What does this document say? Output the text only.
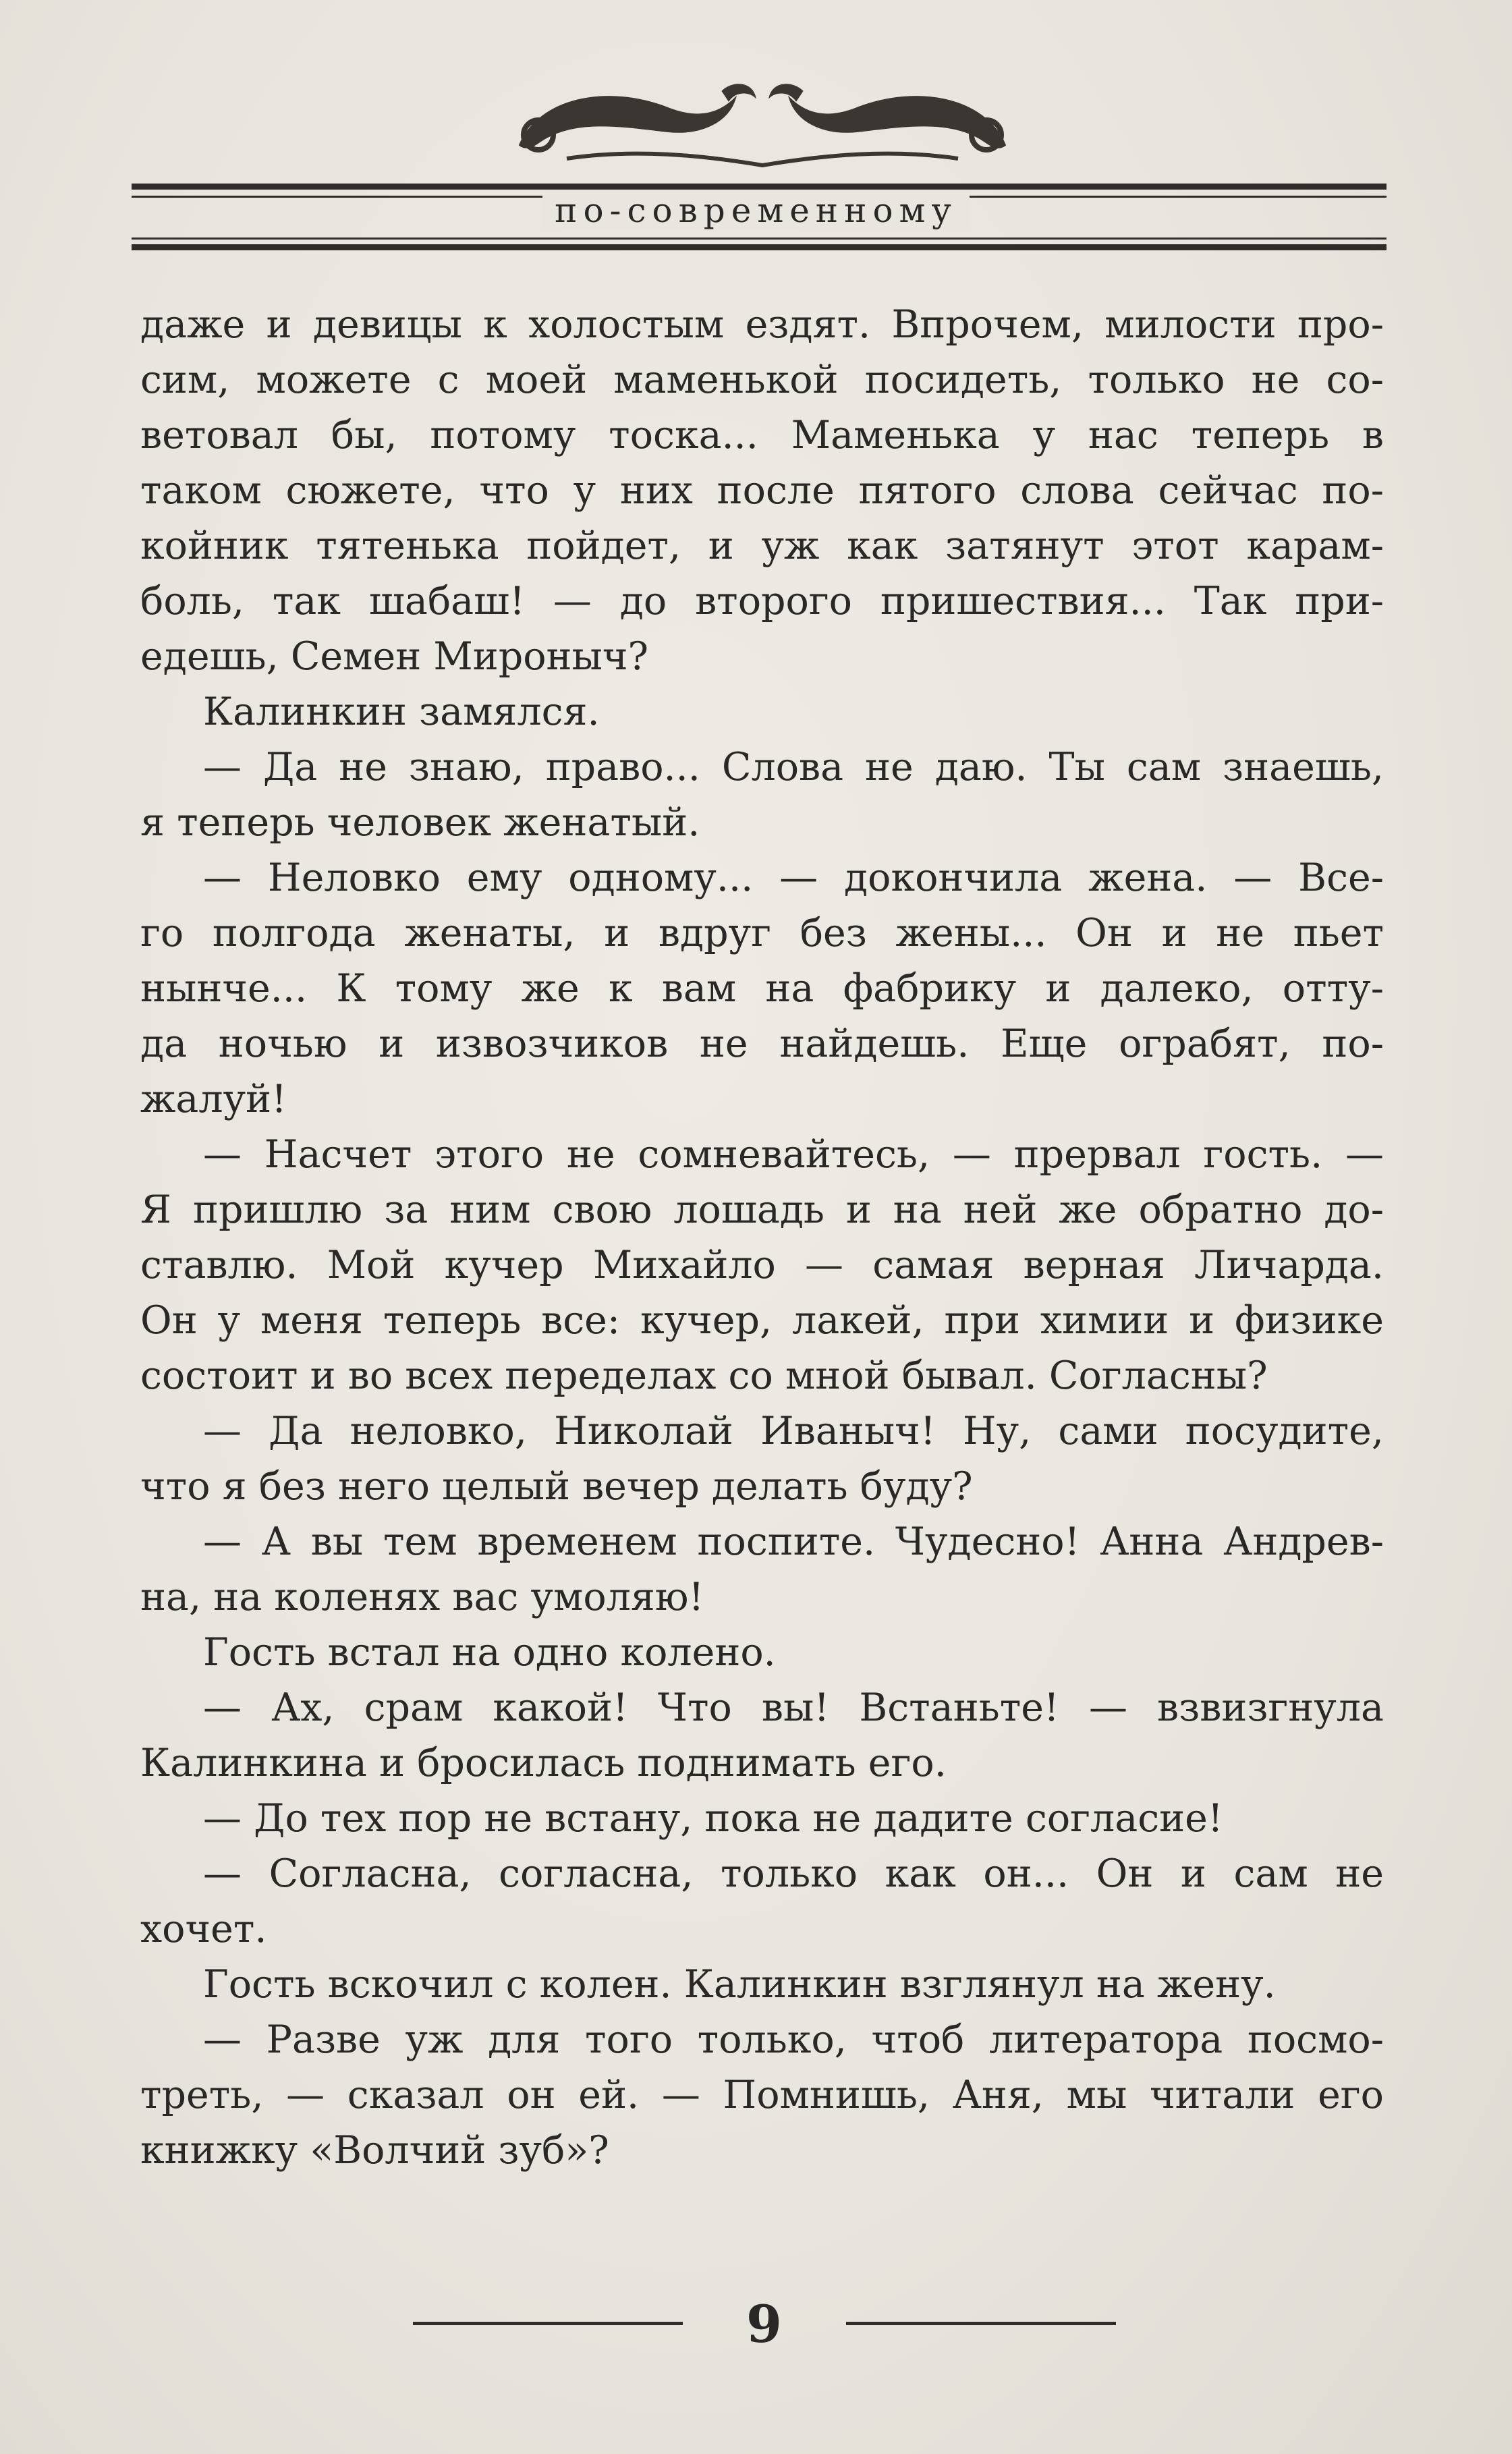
по-современному
даже и девицы к холостым ездят. Впрочем, милости про-
сим, можете с моей маменькой посидеть, только не со-
ветовал бы, потому тоска... Маменька у нас теперь в
таком сюжете, что у них после пятого слова сейчас по-
койник тятенька пойдет, и уж как затянут этот карам-
боль, так шабаш! — до второго пришествия... Так при-
едешь, Семен Мироныч?
Калинкин замялся.
— Да не знаю, право... Слова не даю. Ты сам знаешь,
я теперь человек женатый.
— Неловко ему одному... — докончила жена. — Все-
го полгода женаты, и вдруг без жены... Он и не пьет
нынче... К тому же к вам на фабрику и далеко, отту-
да ночью и извозчиков не найдешь. Еще ограбят, по-
жалуй!
— Насчет этого не сомневайтесь, — прервал гость. —
Я пришлю за ним свою лошадь и на ней же обратно до-
ставлю. Мой кучер Михайло — самая верная Личарда.
Он у меня теперь все: кучер, лакей, при химии и физике
состоит и во всех переделах со мной бывал. Согласны?
— Да неловко, Николай Иваныч! Ну, сами посудите,
что я без него целый вечер делать буду?
— А вы тем временем поспите. Чудесно! Анна Андрев-
на, на коленях вас умоляю!
Гость встал на одно колено.
— Ах, срам какой! Что вы! Встаньте! — взвизгнула
Калинкина и бросилась поднимать его.
— До тех пор не встану, пока не дадите согласие!
— Согласна, согласна, только как он... Он и сам не
хочет.
Гость вскочил с колен. Калинкин взглянул на жену.
— Разве уж для того только, чтоб литератора посмо-
треть, — сказал он ей. — Помнишь, Аня, мы читали его
книжку «Волчий зуб»?
9
